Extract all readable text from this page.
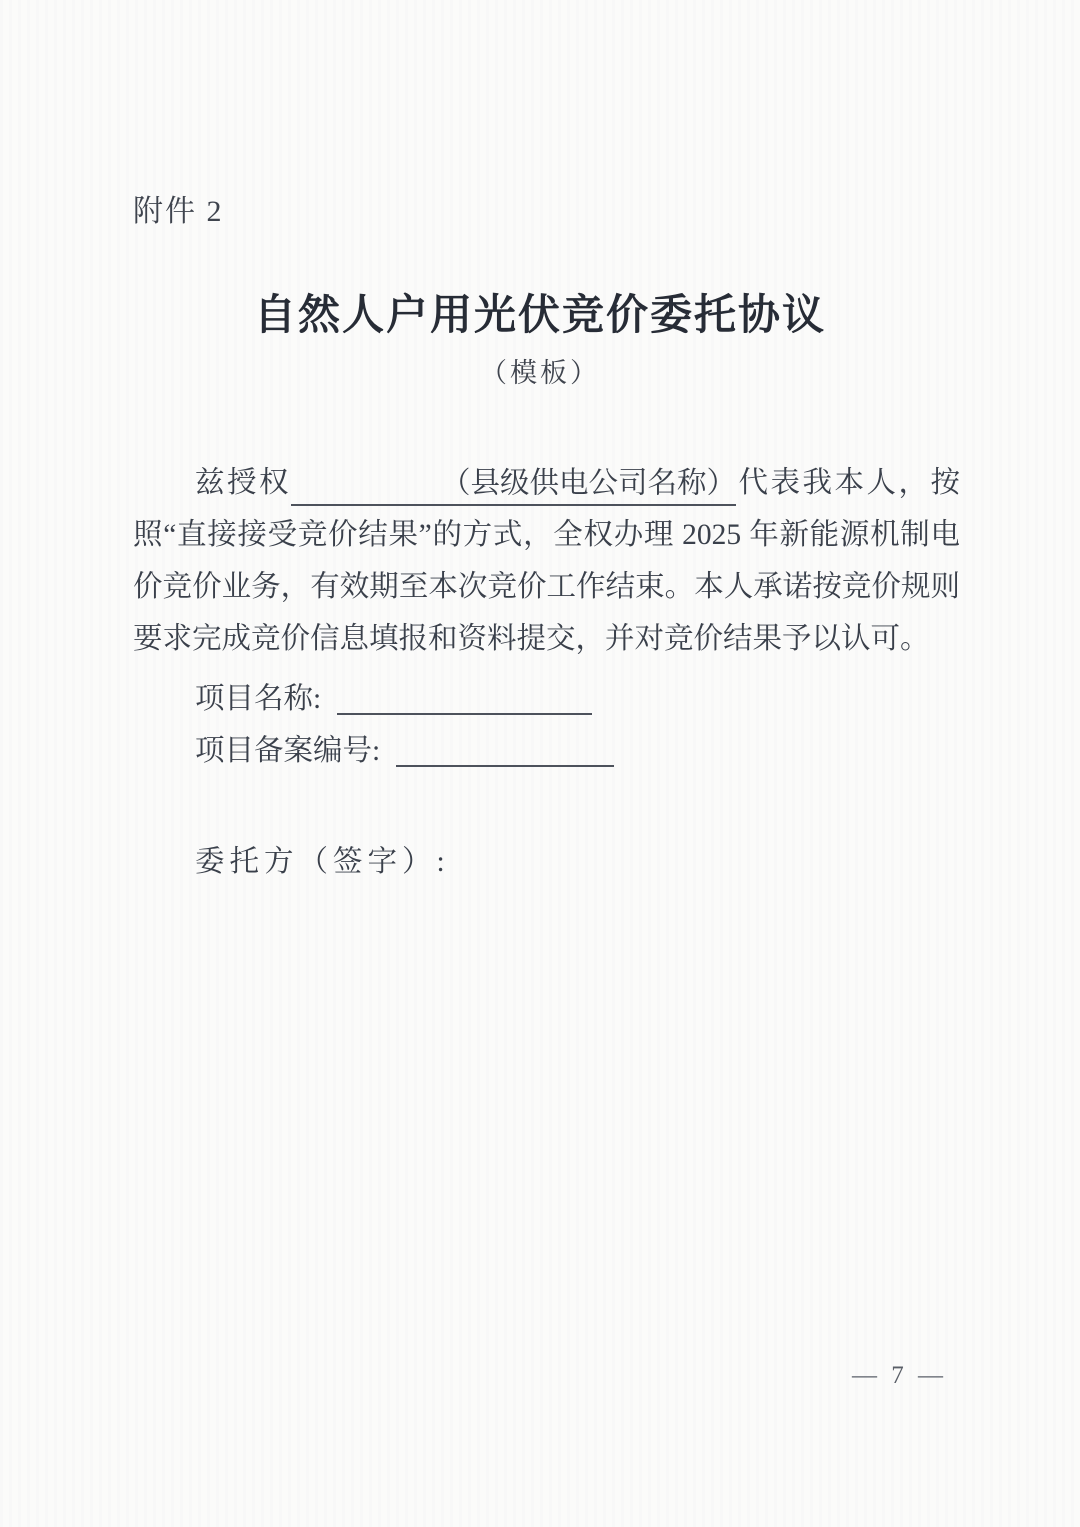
附件 2
自然人户用光伏竞价委托协议
（模板）

兹授权	（县级供电公司名称）代表我本人，按

照“直接接受竞价结果”的方式，全权办理 2025 年新能源机制电

价竞价业务，有效期至本次竞价工作结束。本人承诺按竞价规则

要求完成竞价信息填报和资料提交，并对竞价结果予以认可。

项目名称:

项目备案编号:

委托方（签字）:

— 7 —
